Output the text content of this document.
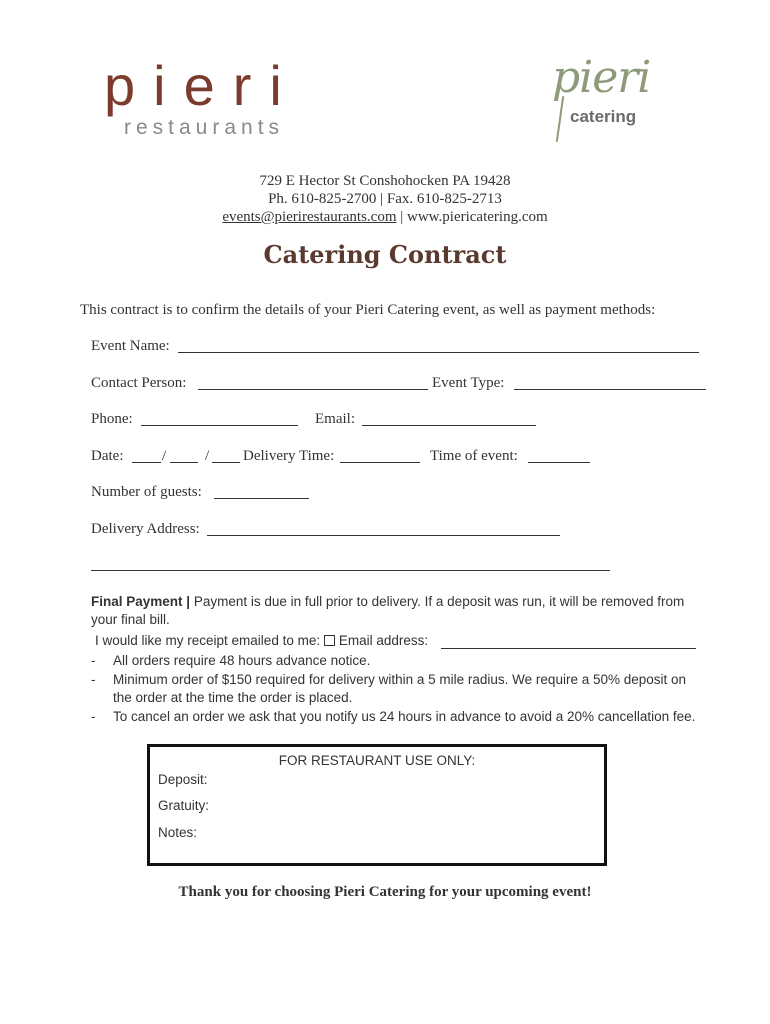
pieri
restaurants
pieri
catering
729 E Hector St Conshohocken PA 19428
Ph. 610-825-2700 | Fax. 610-825-2713
events@pierirestaurants.com | www.piericatering.com
Catering Contract
This contract is to confirm the details of your Pieri Catering event, as well as payment methods:
Event Name:
Contact Person:	Event Type:
Phone:	Email:
Date:	/	/ Delivery Time:	Time of event:
Number of guests:
Delivery Address:
Final Payment | Payment is due in full prior to delivery. If a deposit was run, it will be removed from
your final bill.
I would like my receipt emailed to me: Email address:
- All orders require 48 hours advance notice.
- Minimum order of $150 required for delivery within a 5 mile radius. We require a 50% deposit on
the order at the time the order is placed.
- To cancel an order we ask that you notify us 24 hours in advance to avoid a 20% cancellation fee.
FOR RESTAURANT USE ONLY:
Deposit:
Gratuity:
Notes:
Thank you for choosing Pieri Catering for your upcoming event!
